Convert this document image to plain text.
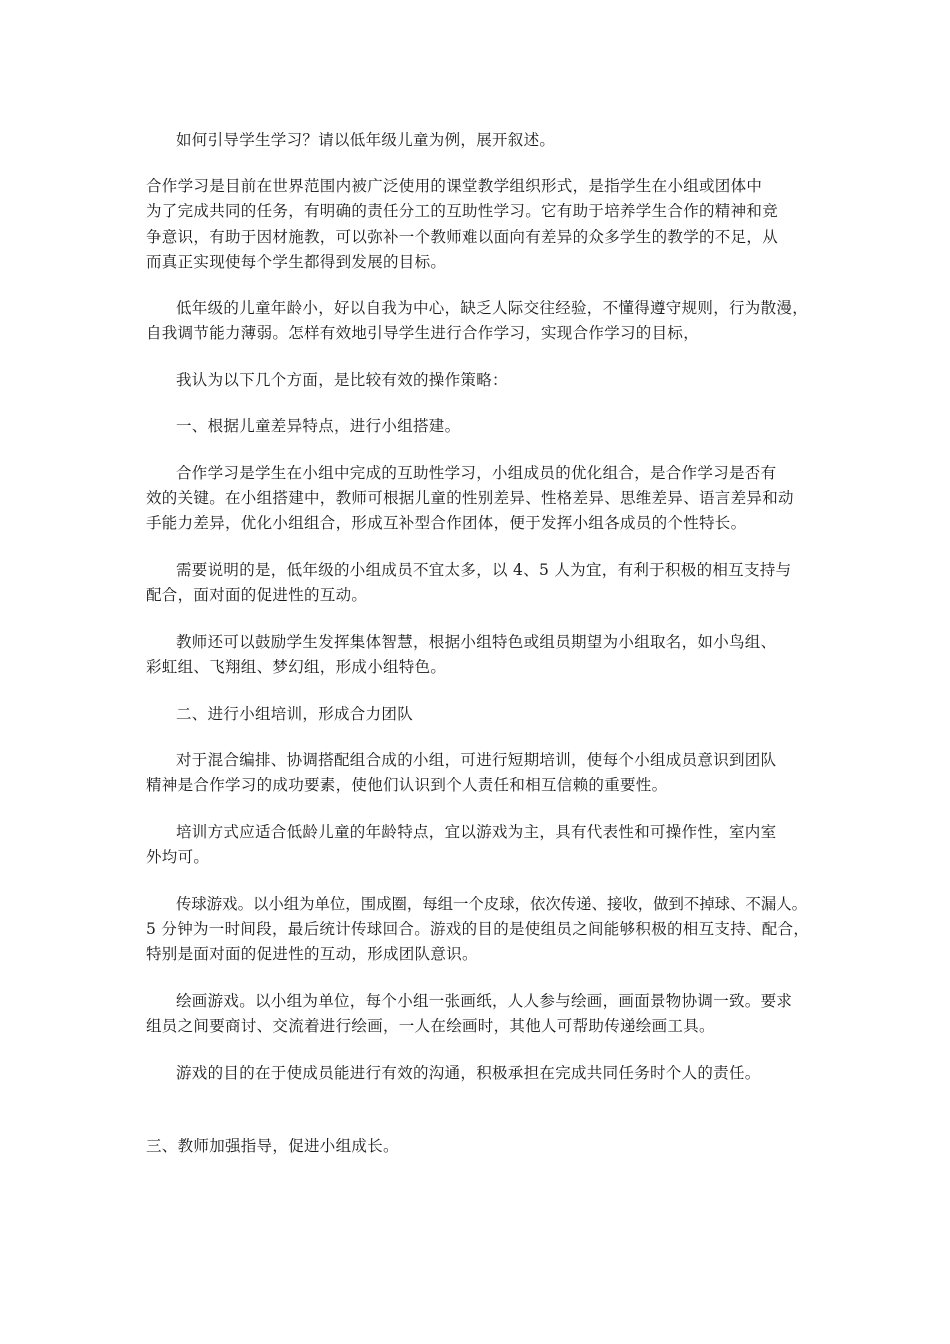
如何引导学生学习？请以低年级儿童为例，展开叙述。
合作学习是目前在世界范围内被广泛使用的课堂教学组织形式，是指学生在小组或团体中
为了完成共同的任务，有明确的责任分工的互助性学习。它有助于培养学生合作的精神和竞
争意识，有助于因材施教，可以弥补一个教师难以面向有差异的众多学生的教学的不足，从
而真正实现使每个学生都得到发展的目标。
低年级的儿童年龄小，好以自我为中心，缺乏人际交往经验，不懂得遵守规则，行为散漫，
自我调节能力薄弱。怎样有效地引导学生进行合作学习，实现合作学习的目标，
我认为以下几个方面，是比较有效的操作策略：
一、根据儿童差异特点，进行小组搭建。
合作学习是学生在小组中完成的互助性学习，小组成员的优化组合，是合作学习是否有
效的关键。在小组搭建中，教师可根据儿童的性别差异、性格差异、思维差异、语言差异和动
手能力差异，优化小组组合，形成互补型合作团体，便于发挥小组各成员的个性特长。
需要说明的是，低年级的小组成员不宜太多，以 4、5 人为宜，有利于积极的相互支持与
配合，面对面的促进性的互动。
教师还可以鼓励学生发挥集体智慧，根据小组特色或组员期望为小组取名，如小鸟组、
彩虹组、飞翔组、梦幻组，形成小组特色。
二、进行小组培训，形成合力团队
对于混合编排、协调搭配组合成的小组，可进行短期培训，使每个小组成员意识到团队
精神是合作学习的成功要素，使他们认识到个人责任和相互信赖的重要性。
培训方式应适合低龄儿童的年龄特点，宜以游戏为主，具有代表性和可操作性，室内室
外均可。
传球游戏。以小组为单位，围成圈，每组一个皮球，依次传递、接收，做到不掉球、不漏人。
5 分钟为一时间段，最后统计传球回合。游戏的目的是使组员之间能够积极的相互支持、配合，
特别是面对面的促进性的互动，形成团队意识。
绘画游戏。以小组为单位，每个小组一张画纸，人人参与绘画，画面景物协调一致。要求
组员之间要商讨、交流着进行绘画，一人在绘画时，其他人可帮助传递绘画工具。
游戏的目的在于使成员能进行有效的沟通，积极承担在完成共同任务时个人的责任。
三、教师加强指导，促进小组成长。
